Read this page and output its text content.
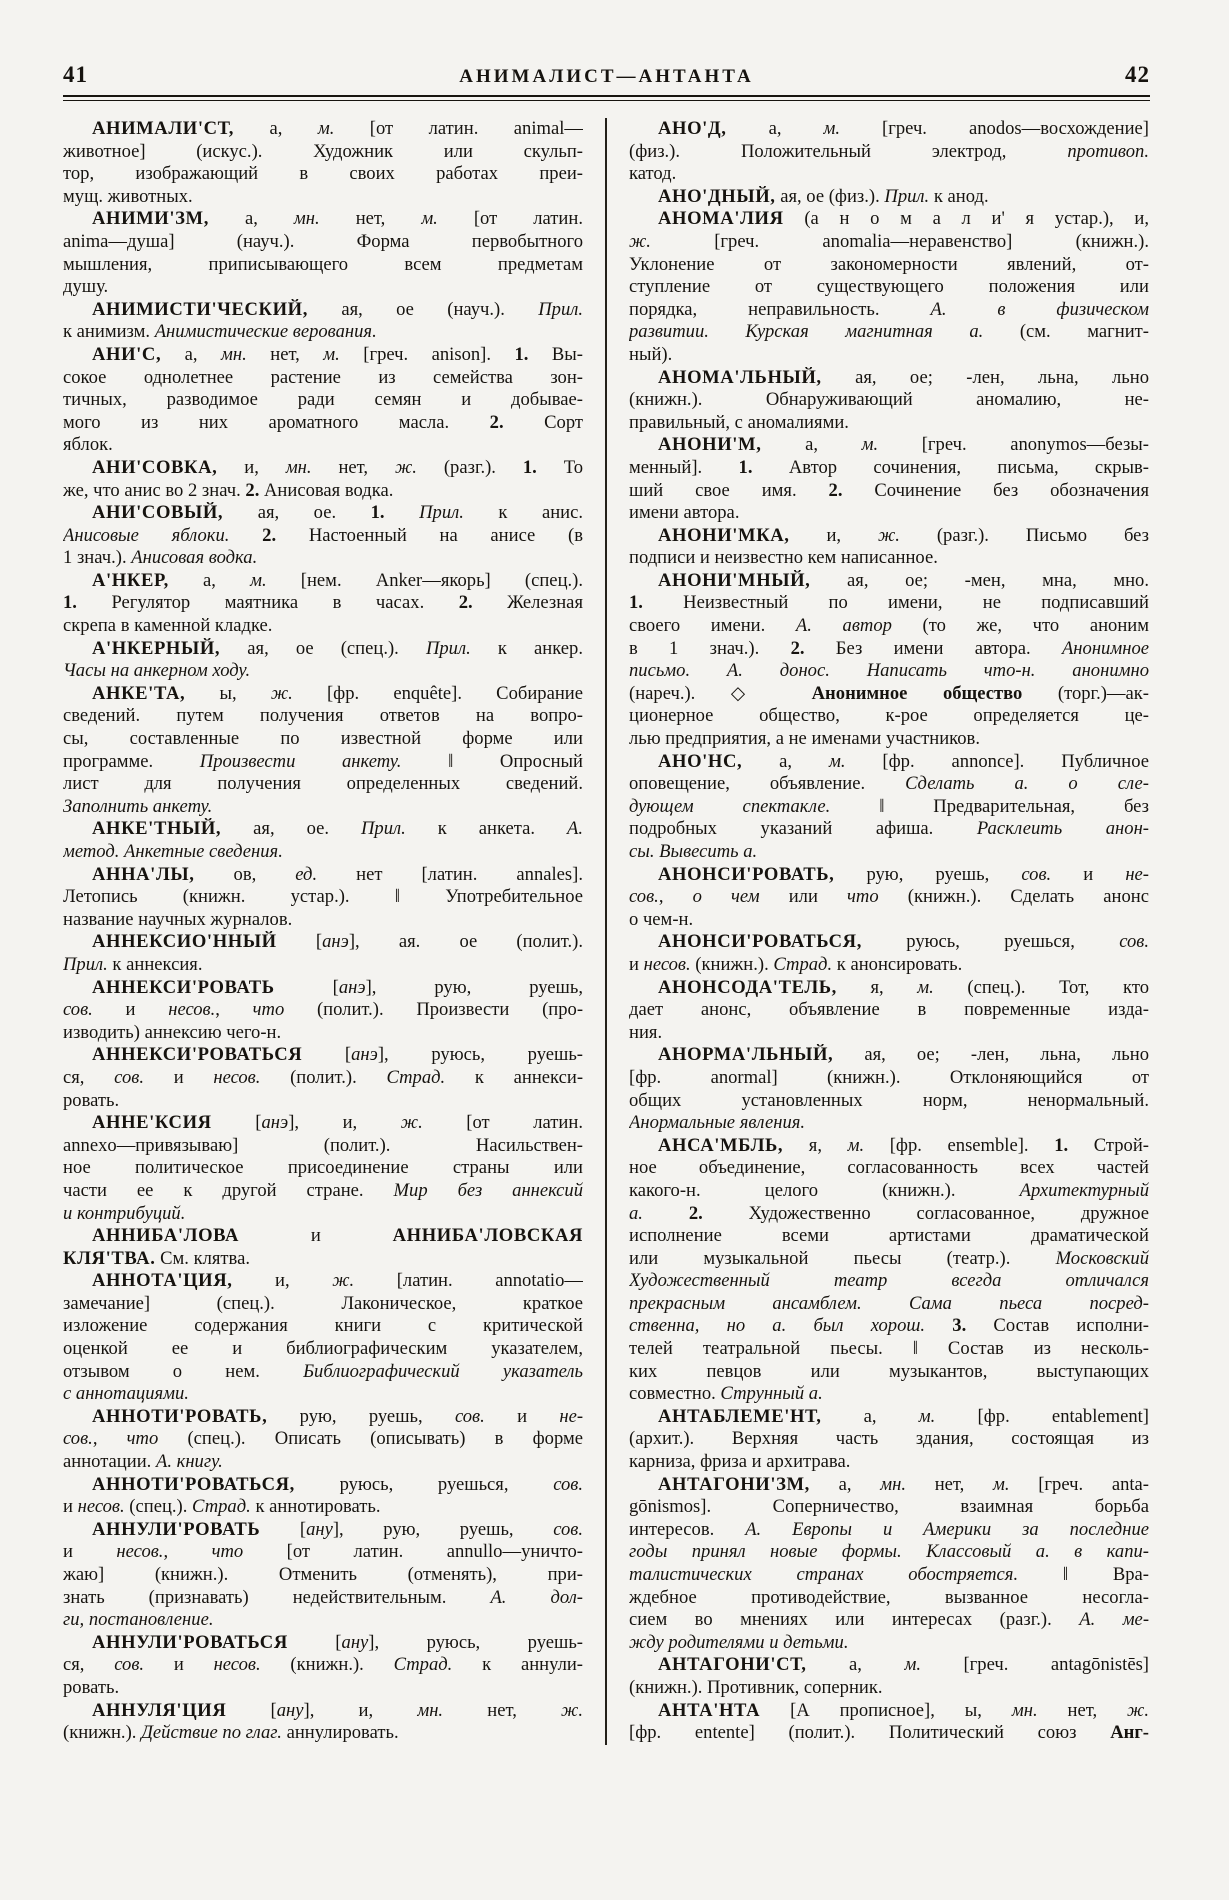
41	АНИМАЛИСТ—АНТАНТА	42
АНИМАЛИ'СТ, а, м. [от латин. animal—
животное] (искус.). Художник или скульп-
тор, изображающий в своих работах преи-
мущ. животных.
АНИМИ'ЗМ, а, мн. нет, м. [от латин.
anima—душа] (науч.). Форма первобытного
мышления, приписывающего всем предметам
душу.
АНИМИСТИ'ЧЕСКИЙ, ая, ое (науч.). Прил.
к анимизм. Анимистические верования.
АНИ'С, а, мн. нет, м. [греч. anison]. 1. Вы-
сокое однолетнее растение из семейства зон-
тичных, разводимое ради семян и добывае-
мого из них ароматного масла. 2. Сорт
яблок.
АНИ'СОВКА, и, мн. нет, ж. (разг.). 1. То
же, что анис во 2 знач. 2. Анисовая водка.
АНИ'СОВЫЙ, ая, ое. 1. Прил. к анис.
Анисовые яблоки. 2. Настоенный на анисе (в
1 знач.). Анисовая водка.
А'НКЕР, а, м. [нем. Anker—якорь] (спец.).
1. Регулятор маятника в часах. 2. Железная
скрепа в каменной кладке.
А'НКЕРНЫЙ, ая, ое (спец.). Прил. к анкер.
Часы на анкерном ходу.
АНКЕ'ТА, ы, ж. [фр. enquête]. Собирание
сведений. путем получения ответов на вопро-
сы, составленные по известной форме или
программе. Произвести анкету. ‖ Опросный
лист для получения определенных сведений.
Заполнить анкету.
АНКЕ'ТНЫЙ, ая, ое. Прил. к анкета. А.
метод. Анкетные сведения.
АННА'ЛЫ, ов, ед. нет [латин. annales].
Летопись (книжн. устар.). ‖ Употребительное
название научных журналов.
АННЕКСИО'ННЫЙ [анэ], ая. ое (полит.).
Прил. к аннексия.
АННЕКСИ'РОВАТЬ [анэ], рую, руешь,
сов. и несов., что (полит.). Произвести (про-
изводить) аннексию чего-н.
АННЕКСИ'РОВАТЬСЯ [анэ], руюсь, руешь-
ся, сов. и несов. (полит.). Страд. к аннекси-
ровать.
АННЕ'КСИЯ [анэ], и, ж. [от латин.
annexo—привязываю] (полит.). Насильствен-
ное политическое присоединение страны или
части ее к другой стране. Мир без аннексий
и контрибуций.
АННИБА'ЛОВА и АННИБА'ЛОВСКАЯ
КЛЯ'ТВА. См. клятва.
АННОТА'ЦИЯ, и, ж. [латин. annotatio—
замечание] (спец.). Лаконическое, краткое
изложение содержания книги с критической
оценкой ее и библиографическим указателем,
отзывом о нем. Библиографический указатель
с аннотациями.
АННОТИ'РОВАТЬ, рую, руешь, сов. и не-
сов., что (спец.). Описать (описывать) в форме
аннотации. А. книгу.
АННОТИ'РОВАТЬСЯ, руюсь, руешься, сов.
и несов. (спец.). Страд. к аннотировать.
АННУЛИ'РОВАТЬ [ану], рую, руешь, сов.
и несов., что [от латин. annullo—уничто-
жаю] (книжн.). Отменить (отменять), при-
знать (признавать) недействительным. А. дол-
ги, постановление.
АННУЛИ'РОВАТЬСЯ [ану], руюсь, руешь-
ся, сов. и несов. (книжн.). Страд. к аннули-
ровать.
АННУЛЯ'ЦИЯ [ану], и, мн. нет, ж.
(книжн.). Действие по глаг. аннулировать.
АНО'Д, а, м. [греч. anodos—восхождение]
(физ.). Положительный электрод, противоп.
катод.
АНО'ДНЫЙ, ая, ое (физ.). Прил. к анод.
АНОМА'ЛИЯ (а н о м а л и' я устар.), и,
ж. [греч. anomalia—неравенство] (книжн.).
Уклонение от закономерности явлений, от-
ступление от существующего положения или
порядка, неправильность. А. в физическом
развитии. Курская магнитная а. (см. магнит-
ный).
АНОМА'ЛЬНЫЙ, ая, ое; -лен, льна, льно
(книжн.). Обнаруживающий аномалию, не-
правильный, с аномалиями.
АНОНИ'М, а, м. [греч. anonymos—безы-
менный]. 1. Автор сочинения, письма, скрыв-
ший свое имя. 2. Сочинение без обозначения
имени автора.
АНОНИ'МКА, и, ж. (разг.). Письмо без
подписи и неизвестно кем написанное.
АНОНИ'МНЫЙ, ая, ое; -мен, мна, мно.
1. Неизвестный по имени, не подписавший
своего имени. А. автор (то же, что аноним
в 1 знач.). 2. Без имени автора. Анонимное
письмо. А. донос. Написать что-н. анонимно
(нареч.). ◇ Анонимное общество (торг.)—ак-
ционерное общество, к-рое определяется це-
лью предприятия, а не именами участников.
АНО'НС, а, м. [фр. annonce]. Публичное
оповещение, объявление. Сделать а. о сле-
дующем спектакле. ‖ Предварительная, без
подробных указаний афиша. Расклеить анон-
сы. Вывесить а.
АНОНСИ'РОВАТЬ, рую, руешь, сов. и не-
сов., о чем или что (книжн.). Сделать анонс
о чем-н.
АНОНСИ'РОВАТЬСЯ, руюсь, руешься, сов.
и несов. (книжн.). Страд. к анонсировать.
АНОНСОДА'ТЕЛЬ, я, м. (спец.). Тот, кто
дает анонс, объявление в повременные изда-
ния.
АНОРМА'ЛЬНЫЙ, ая, ое; -лен, льна, льно
[фр. anormal] (книжн.). Отклоняющийся от
общих установленных норм, ненормальный.
Анормальные явления.
АНСА'МБЛЬ, я, м. [фр. ensemble]. 1. Строй-
ное объединение, согласованность всех частей
какого-н. целого (книжн.). Архитектурный
а. 2. Художественно согласованное, дружное
исполнение всеми артистами драматической
или музыкальной пьесы (театр.). Московский
Художественный театр всегда отличался
прекрасным ансамблем. Сама пьеса посред-
ственна, но а. был хорош. 3. Состав исполни-
телей театральной пьесы. ‖ Состав из несколь-
ких певцов или музыкантов, выступающих
совместно. Струнный а.
АНТАБЛЕМЕ'НТ, а, м. [фр. entablement]
(архит.). Верхняя часть здания, состоящая из
карниза, фриза и архитрава.
АНТАГОНИ'ЗМ, а, мн. нет, м. [греч. anta-
gōnismos]. Соперничество, взаимная борьба
интересов. А. Европы и Америки за последние
годы принял новые формы. Классовый а. в капи-
талистических странах обостряется. ‖ Вра-
ждебное противодействие, вызванное несогла-
сием во мнениях или интересах (разг.). А. ме-
жду родителями и детьми.
АНТАГОНИ'СТ, а, м. [греч. antagōnistēs]
(книжн.). Противник, соперник.
АНТА'НТА [А прописное], ы, мн. нет, ж.
[фр. entente] (полит.). Политический союз Анг-
